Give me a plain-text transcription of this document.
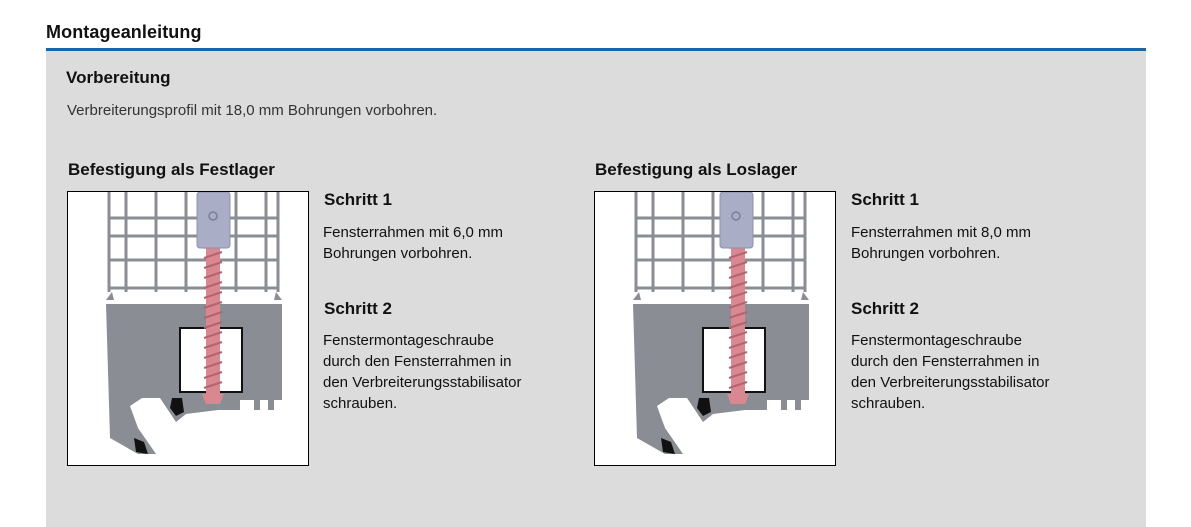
Montageanleitung
Vorbereitung
Verbreiterungsprofil mit 18,0 mm Bohrungen vorbohren.
Befestigung als Festlager
Schritt 1
Fensterrahmen mit 6,0 mm
Bohrungen vorbohren.
Schritt 2
Fenstermontageschraube
durch den Fensterrahmen in
den Verbreiterungsstabilisator
schrauben.
Befestigung als Loslager
Schritt 1
Fensterrahmen mit 8,0 mm
Bohrungen vorbohren.
Schritt 2
Fenstermontageschraube
durch den Fensterrahmen in
den Verbreiterungsstabilisator
schrauben.
